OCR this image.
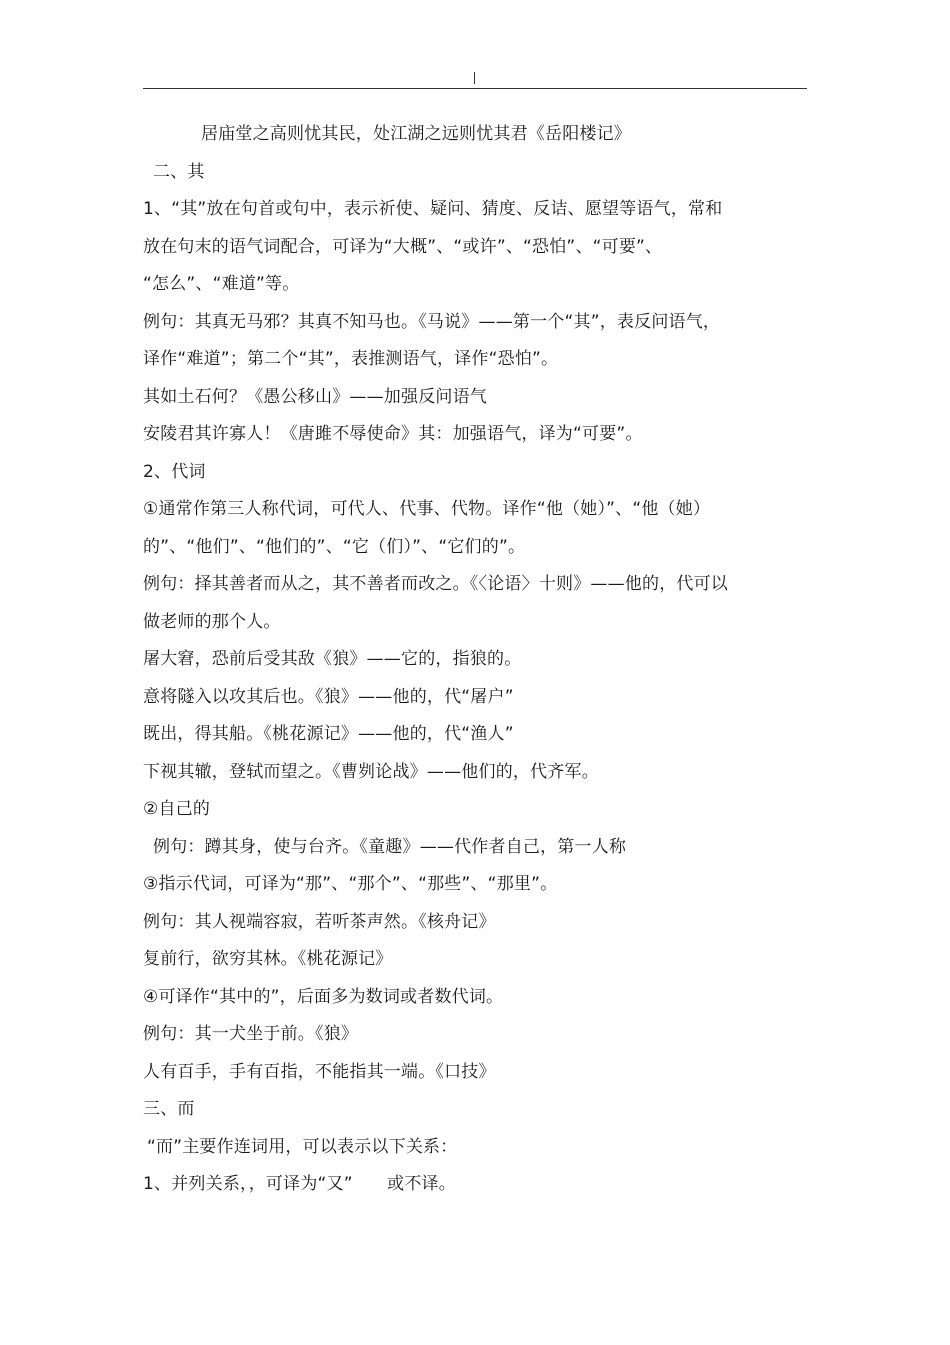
居庙堂之高则忧其民，处江湖之远则忧其君《岳阳楼记》
二、其
1、“其”放在句首或句中，表示祈使、疑问、猜度、反诘、愿望等语气，常和
放在句末的语气词配合，可译为“大概”、“或许”、“恐怕”、“可要”、
“怎么”、“难道”等。
例句：其真无马邪？其真不知马也。《马说》——第一个“其”，表反问语气，
译作“难道”；第二个“其”，表推测语气，译作“恐怕”。
其如土石何？《愚公移山》——加强反问语气
安陵君其许寡人！《唐雎不辱使命》其：加强语气，译为“可要”。
2、代词
①通常作第三人称代词，可代人、代事、代物。译作“他（她）”、“他（她）
的”、“他们”、“他们的”、“它（们）”、“它们的”。
例句：择其善者而从之，其不善者而改之。《〈论语〉十则》——他的，代可以
做老师的那个人。
屠大窘，恐前后受其敌《狼》——它的，指狼的。
意将隧入以攻其后也。《狼》——他的，代“屠户”
既出，得其船。《桃花源记》——他的，代“渔人”
下视其辙，登轼而望之。《曹刿论战》——他们的，代齐军。
②自己的
例句：蹲其身，使与台齐。《童趣》——代作者自己，第一人称
③指示代词，可译为“那”、“那个”、“那些”、“那里”。
例句：其人视端容寂，若听茶声然。《核舟记》
复前行，欲穷其林。《桃花源记》
④可译作“其中的”，后面多为数词或者数代词。
例句：其一犬坐于前。《狼》
人有百手，手有百指，不能指其一端。《口技》
三、而
“而”主要作连词用，可以表示以下关系：
1、并列关系，，可译为“又”　　或不译。
